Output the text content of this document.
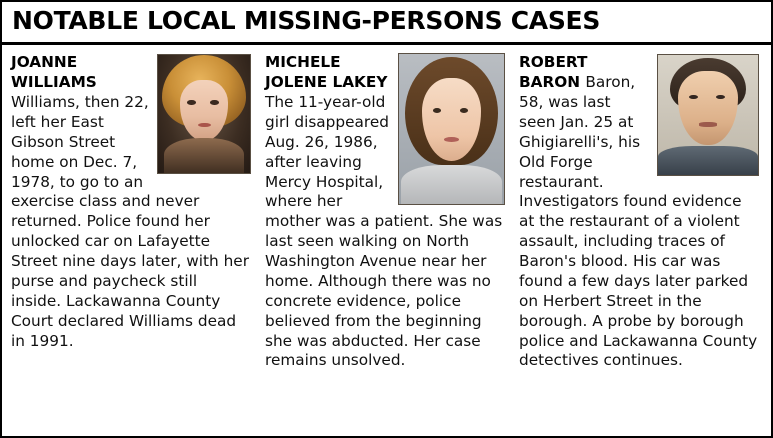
NOTABLE LOCAL MISSING-PERSONS CASES
JOANNE WILLIAMS Williams, then 22, left her East Gibson Street home on Dec. 7, 1978, to go to an exercise class and never returned. Police found her unlocked car on Lafayette Street nine days later, with her purse and paycheck still inside. Lackawanna County Court declared Williams dead in 1991.
MICHELE JOLENE LAKEY The 11-year-old girl disappeared Aug. 26, 1986, after leaving Mercy Hospital, where her mother was a patient. She was last seen walking on North Washington Avenue near her home. Although there was no concrete evidence, police believed from the beginning she was abducted. Her case remains unsolved.
ROBERT BARON Baron, 58, was last seen Jan. 25 at Ghigiarelli's, his Old Forge restaurant. Investigators found evidence at the restaurant of a violent assault, including traces of Baron's blood. His car was found a few days later parked on Herbert Street in the borough. A probe by borough police and Lackawanna County detectives continues.
